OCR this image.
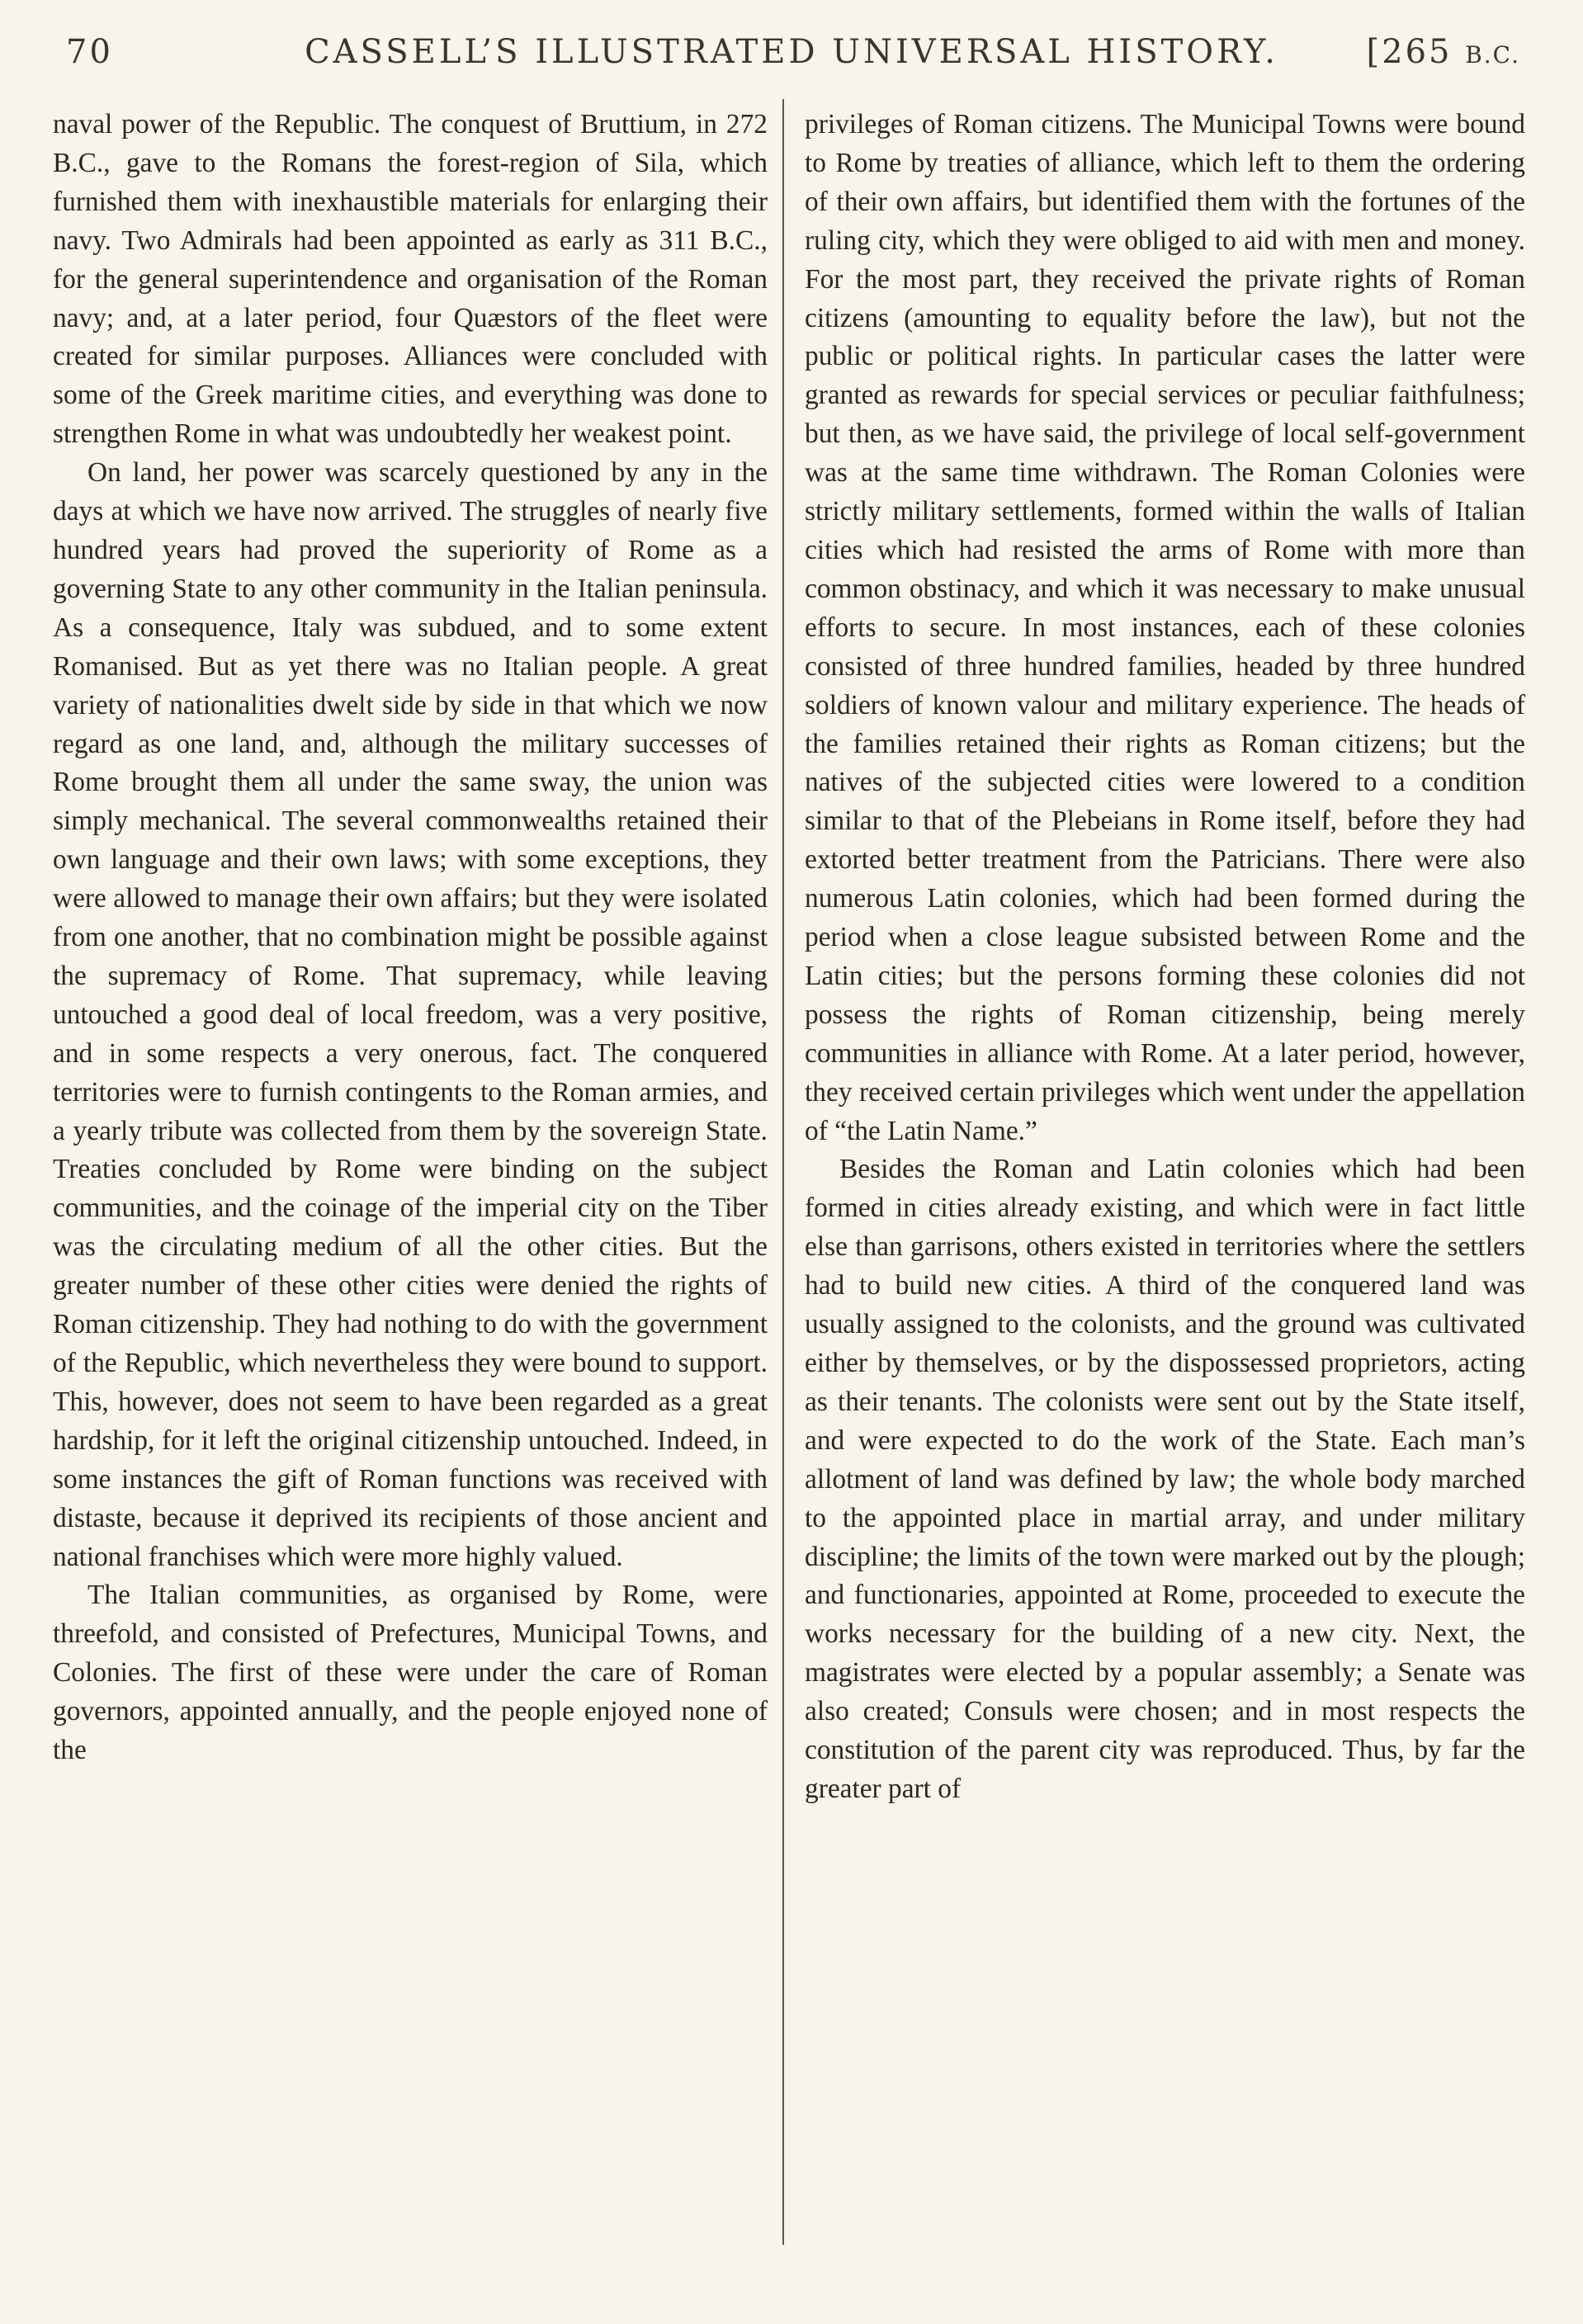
70	CASSELL’S ILLUSTRATED UNIVERSAL HISTORY.	[265 B.C.

naval power of the Republic. The conquest of Bruttium, in 272 B.C., gave to the Romans the forest-region of Sila, which furnished them with inexhaustible materials for enlarging their navy. Two Admirals had been appointed as early as 311 B.C., for the general superintendence and organisation of the Roman navy; and, at a later period, four Quæstors of the fleet were created for similar purposes. Alliances were concluded with some of the Greek maritime cities, and everything was done to strengthen Rome in what was undoubtedly her weakest point.

On land, her power was scarcely questioned by any in the days at which we have now arrived. The struggles of nearly five hundred years had proved the superiority of Rome as a governing State to any other community in the Italian peninsula. As a consequence, Italy was subdued, and to some extent Romanised. But as yet there was no Italian people. A great variety of nationalities dwelt side by side in that which we now regard as one land, and, although the military successes of Rome brought them all under the same sway, the union was simply mechanical. The several commonwealths retained their own language and their own laws; with some exceptions, they were allowed to manage their own affairs; but they were isolated from one another, that no combination might be possible against the supremacy of Rome. That supremacy, while leaving untouched a good deal of local freedom, was a very positive, and in some respects a very onerous, fact. The conquered territories were to furnish contingents to the Roman armies, and a yearly tribute was collected from them by the sovereign State. Treaties concluded by Rome were binding on the subject communities, and the coinage of the imperial city on the Tiber was the circulating medium of all the other cities. But the greater number of these other cities were denied the rights of Roman citizenship. They had nothing to do with the government of the Republic, which nevertheless they were bound to support. This, however, does not seem to have been regarded as a great hardship, for it left the original citizenship untouched. Indeed, in some instances the gift of Roman functions was received with distaste, because it deprived its recipients of those ancient and national franchises which were more highly valued.

The Italian communities, as organised by Rome, were threefold, and consisted of Prefectures, Municipal Towns, and Colonies. The first of these were under the care of Roman governors, appointed annually, and the people enjoyed none of the

privileges of Roman citizens. The Municipal Towns were bound to Rome by treaties of alliance, which left to them the ordering of their own affairs, but identified them with the fortunes of the ruling city, which they were obliged to aid with men and money. For the most part, they received the private rights of Roman citizens (amounting to equality before the law), but not the public or political rights. In particular cases the latter were granted as rewards for special services or peculiar faithfulness; but then, as we have said, the privilege of local self-government was at the same time withdrawn. The Roman Colonies were strictly military settlements, formed within the walls of Italian cities which had resisted the arms of Rome with more than common obstinacy, and which it was necessary to make unusual efforts to secure. In most instances, each of these colonies consisted of three hundred families, headed by three hundred soldiers of known valour and military experience. The heads of the families retained their rights as Roman citizens; but the natives of the subjected cities were lowered to a condition similar to that of the Plebeians in Rome itself, before they had extorted better treatment from the Patricians. There were also numerous Latin colonies, which had been formed during the period when a close league subsisted between Rome and the Latin cities; but the persons forming these colonies did not possess the rights of Roman citizenship, being merely communities in alliance with Rome. At a later period, however, they received certain privileges which went under the appellation of “the Latin Name.”

Besides the Roman and Latin colonies which had been formed in cities already existing, and which were in fact little else than garrisons, others existed in territories where the settlers had to build new cities. A third of the conquered land was usually assigned to the colonists, and the ground was cultivated either by themselves, or by the dispossessed proprietors, acting as their tenants. The colonists were sent out by the State itself, and were expected to do the work of the State. Each man’s allotment of land was defined by law; the whole body marched to the appointed place in martial array, and under military discipline; the limits of the town were marked out by the plough; and functionaries, appointed at Rome, proceeded to execute the works necessary for the building of a new city. Next, the magistrates were elected by a popular assembly; a Senate was also created; Consuls were chosen; and in most respects the constitution of the parent city was reproduced. Thus, by far the greater part of
